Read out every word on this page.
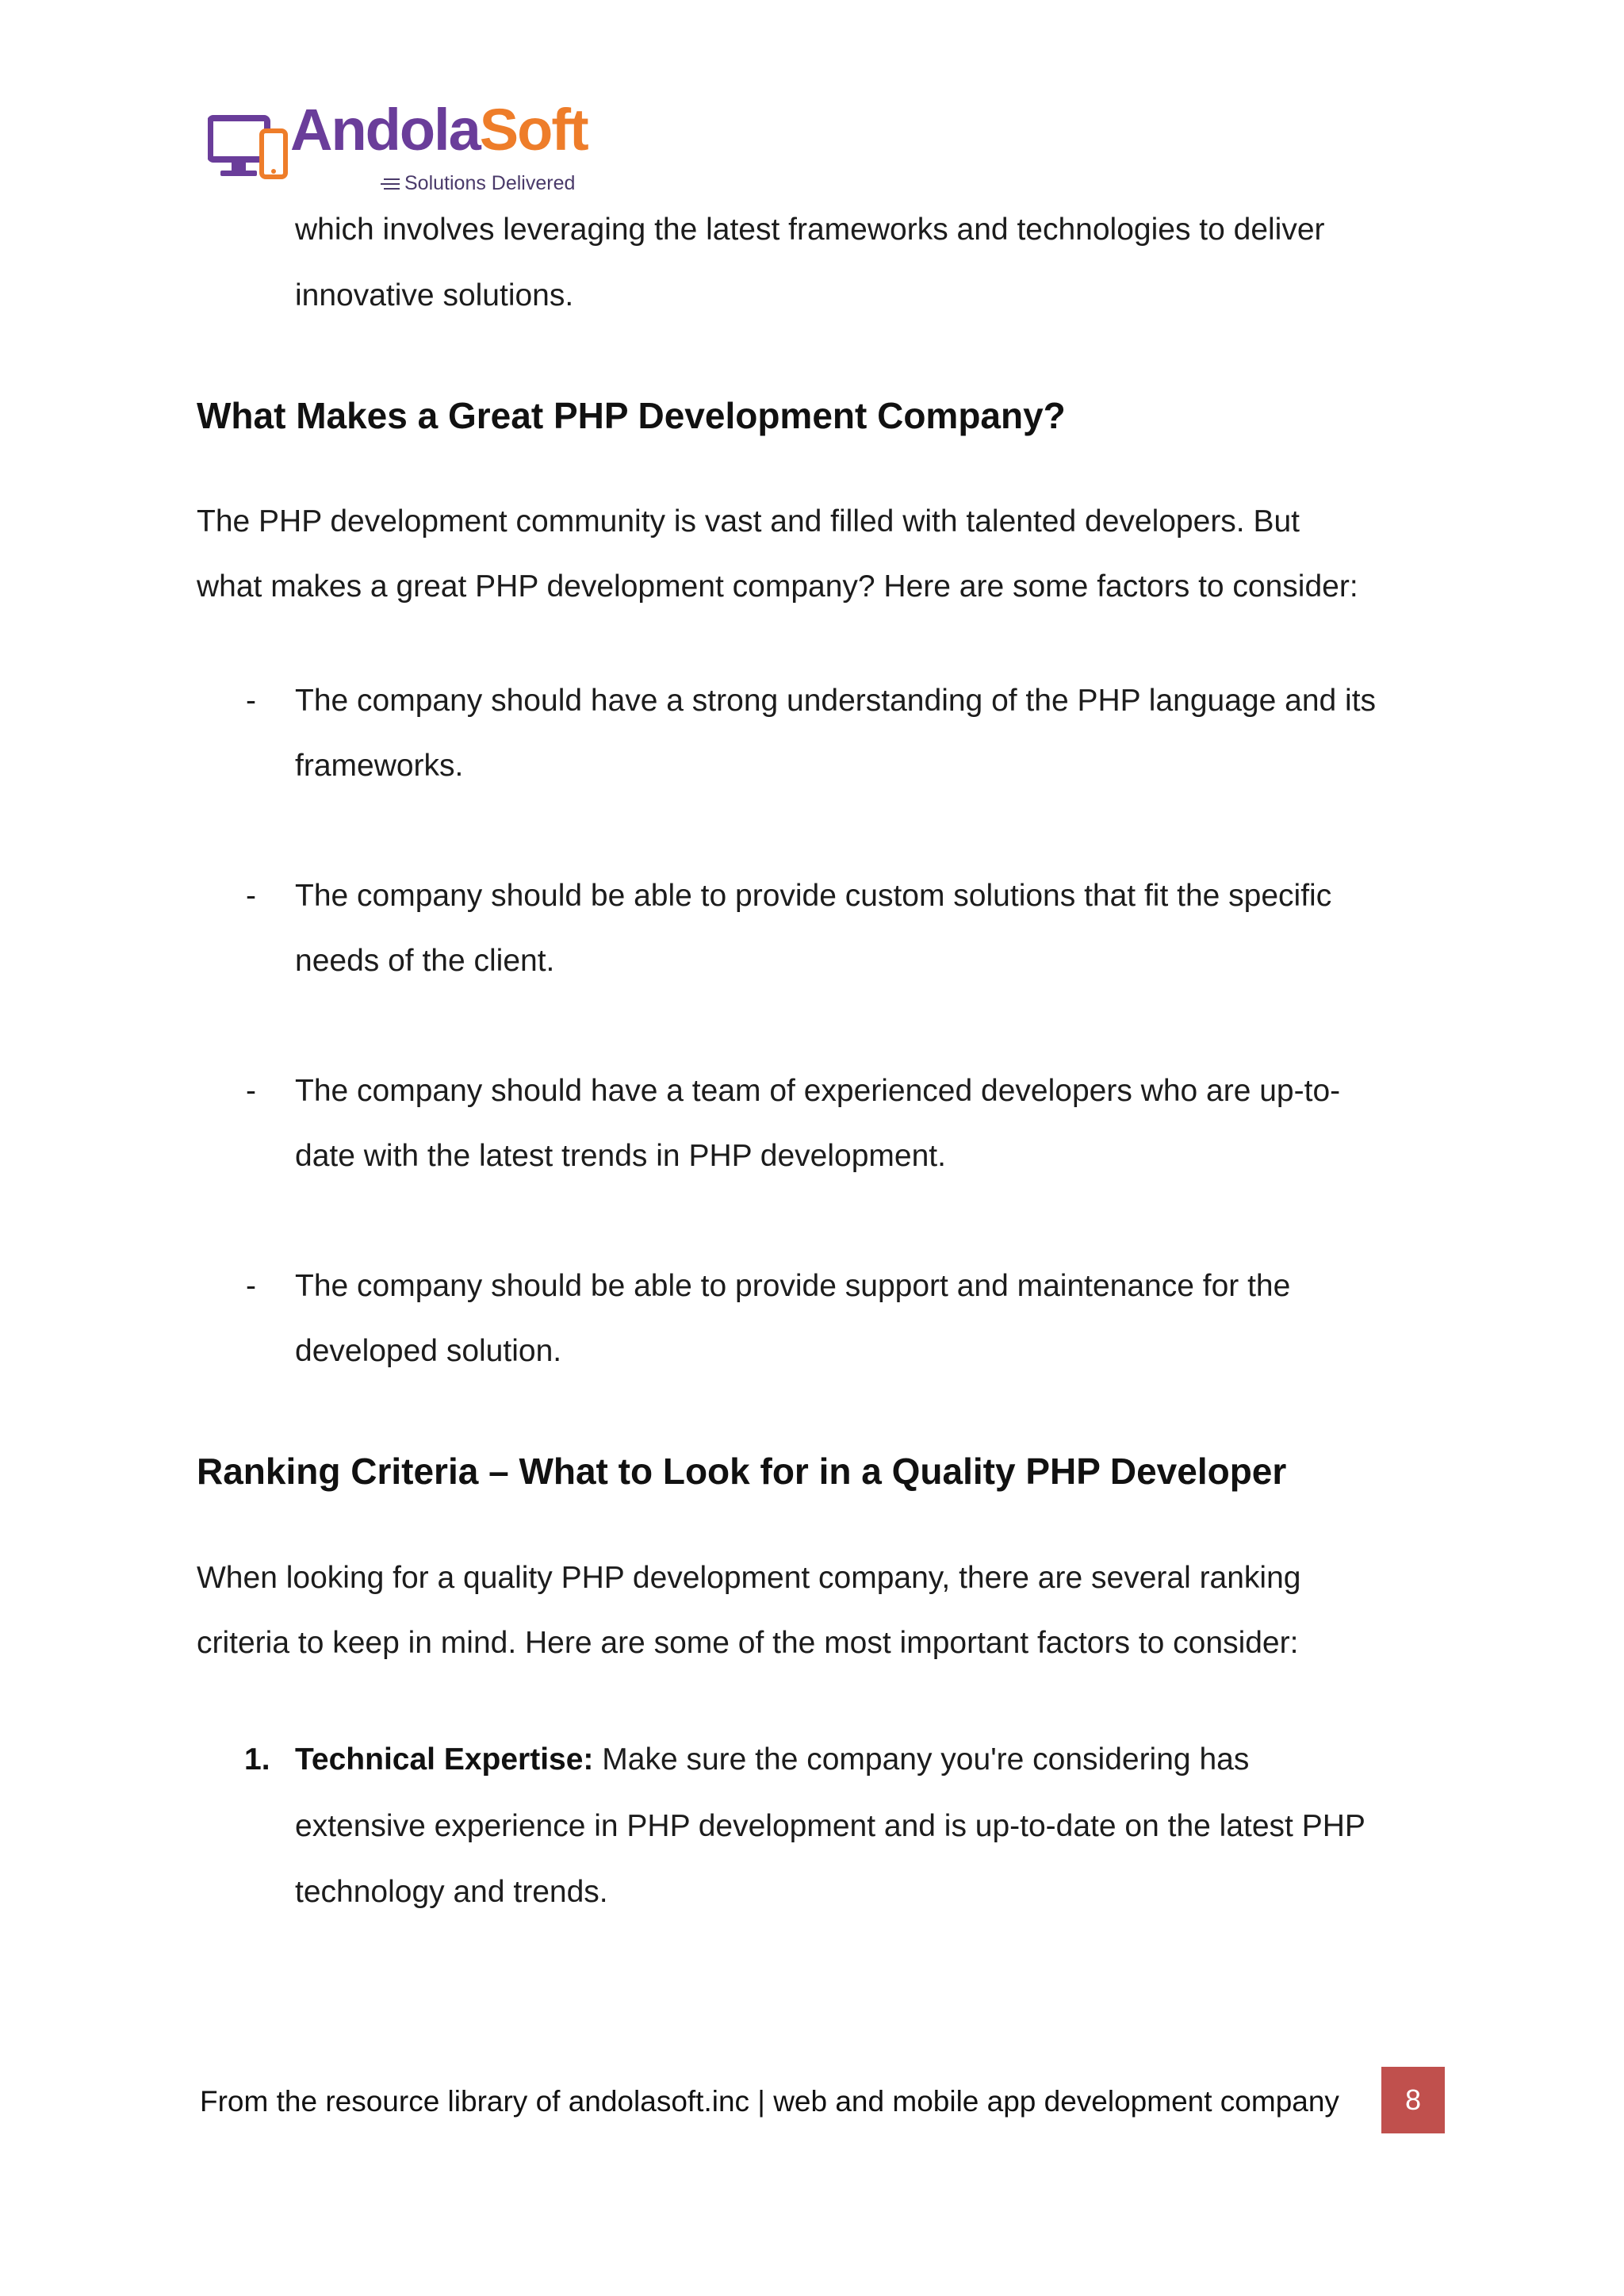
AndolaSoft
Solutions Delivered

which involves leveraging the latest frameworks and technologies to deliver

innovative solutions.

What Makes a Great PHP Development Company?

The PHP development community is vast and filled with talented developers. But

what makes a great PHP development company? Here are some factors to consider:

- The company should have a strong understanding of the PHP language and its
frameworks.
- The company should be able to provide custom solutions that fit the specific
needs of the client.
- The company should have a team of experienced developers who are up-to-
date with the latest trends in PHP development.
- The company should be able to provide support and maintenance for the
developed solution.
Ranking Criteria – What to Look for in a Quality PHP Developer

When looking for a quality PHP development company, there are several ranking

criteria to keep in mind. Here are some of the most important factors to consider:

1. Technical Expertise: Make sure the company you're considering has
extensive experience in PHP development and is up-to-date on the latest PHP
technology and trends.
From the resource library of andolasoft.inc | web and mobile app development company	8
